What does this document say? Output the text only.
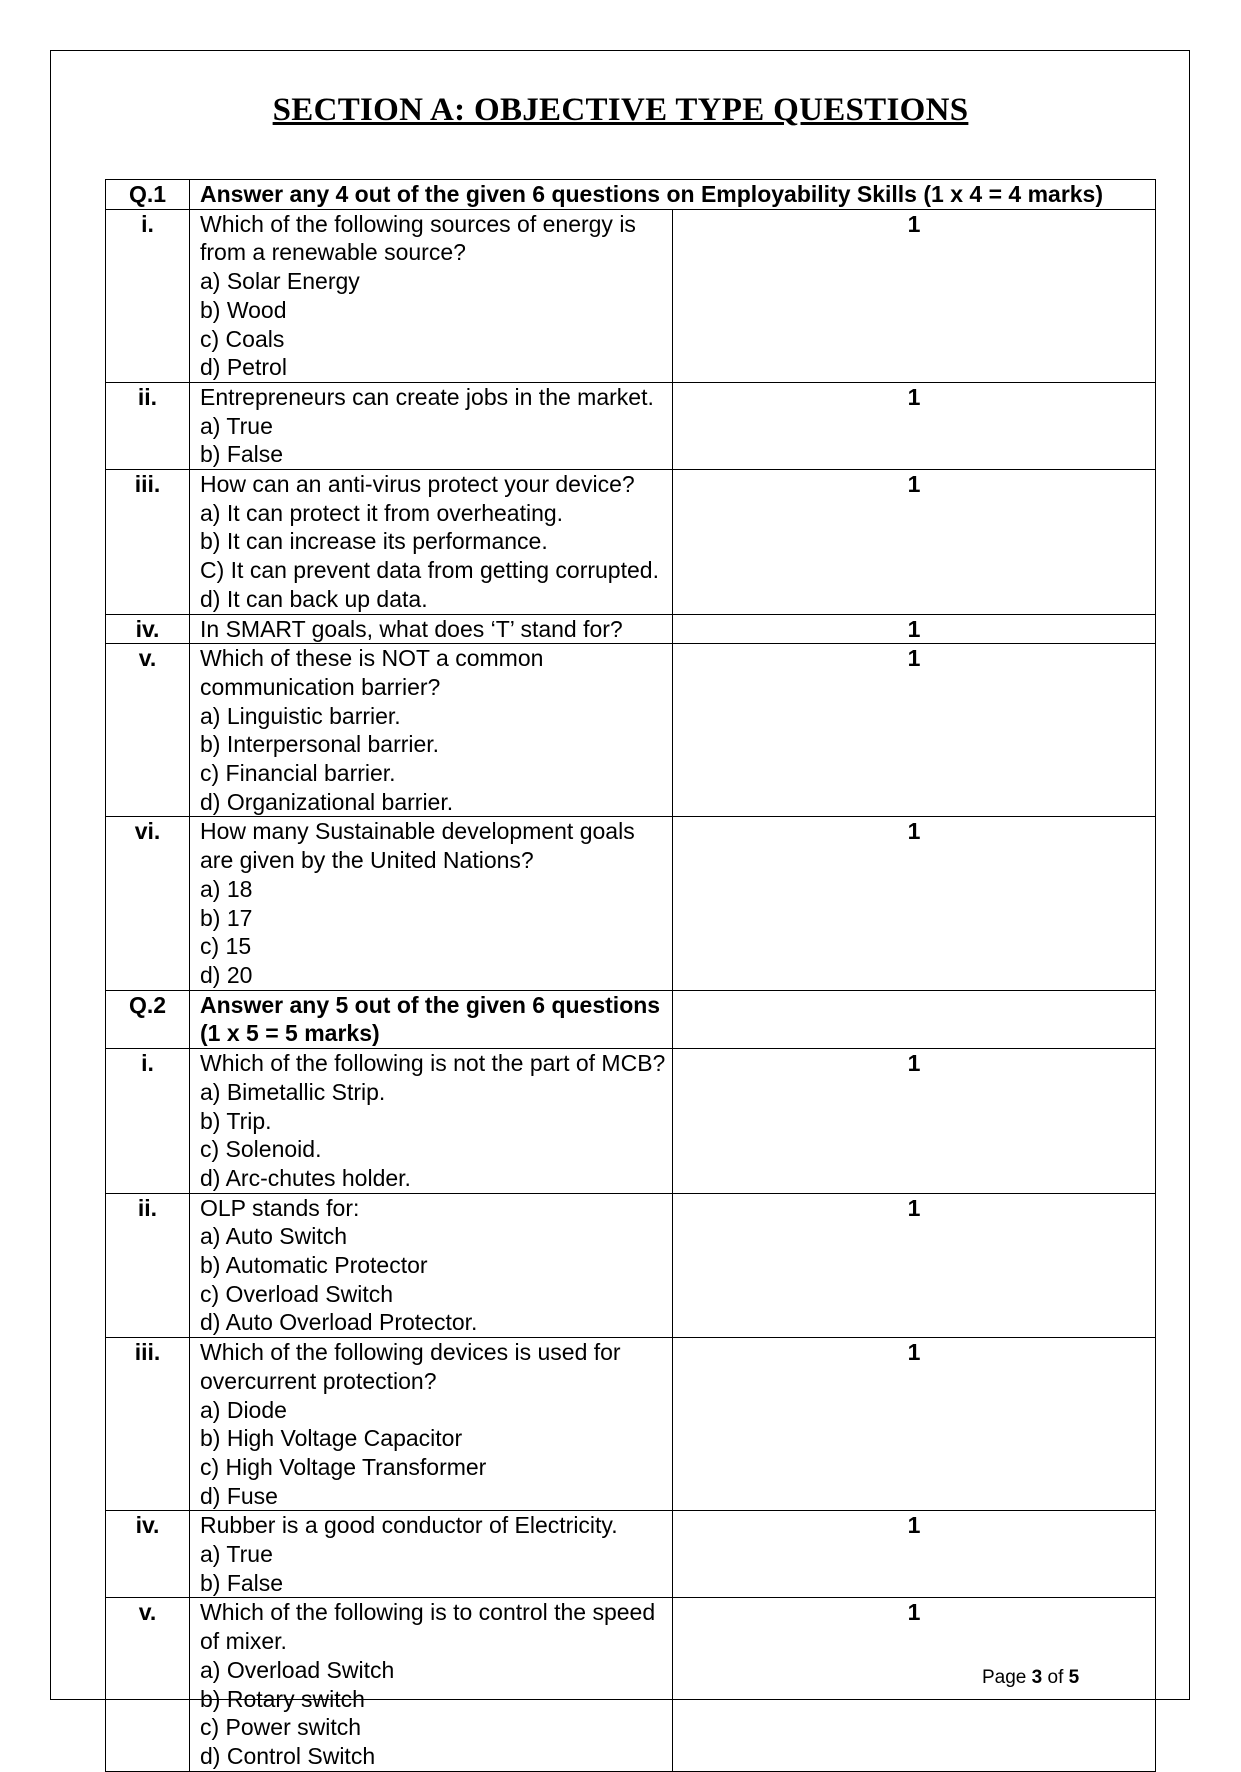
SECTION A: OBJECTIVE TYPE QUESTIONS
Q.1	Answer any 4 out of the given 6 questions on Employability Skills (1 x 4 = 4 marks)	
i.	Which of the following sources of energy is from a renewable source?
a) Solar Energy
b) Wood
c) Coals
d) Petrol	1
ii.	Entrepreneurs can create jobs in the market.
a) True
b) False	1
iii.	How can an anti-virus protect your device?
a) It can protect it from overheating.
b) It can increase its performance.
C) It can prevent data from getting corrupted.
d) It can back up data.	1
iv.	In SMART goals, what does ‘T’ stand for?	1
v.	Which of these is NOT a common communication barrier?
a) Linguistic barrier.
b) Interpersonal barrier.
c) Financial barrier.
d) Organizational barrier.	1
vi.	How many Sustainable development goals are given by the United Nations?
a) 18
b) 17
c) 15
d) 20	1
Q.2	Answer any 5 out of the given 6 questions (1 x 5 = 5 marks)	
i.	Which of the following is not the part of MCB?
a) Bimetallic Strip.
b) Trip.
c) Solenoid.
d) Arc-chutes holder.	1
ii.	OLP stands for:
a) Auto Switch
b) Automatic Protector
c) Overload Switch
d) Auto Overload Protector.	1
iii.	Which of the following devices is used for overcurrent protection?
a) Diode
b) High Voltage Capacitor
c) High Voltage Transformer
d) Fuse	1
iv.	Rubber is a good conductor of Electricity.
a) True
b) False	1
v.	Which of the following is to control the speed of mixer.
a) Overload Switch
b) Rotary switch
c) Power switch
d) Control Switch	1
Page 3 of 5
